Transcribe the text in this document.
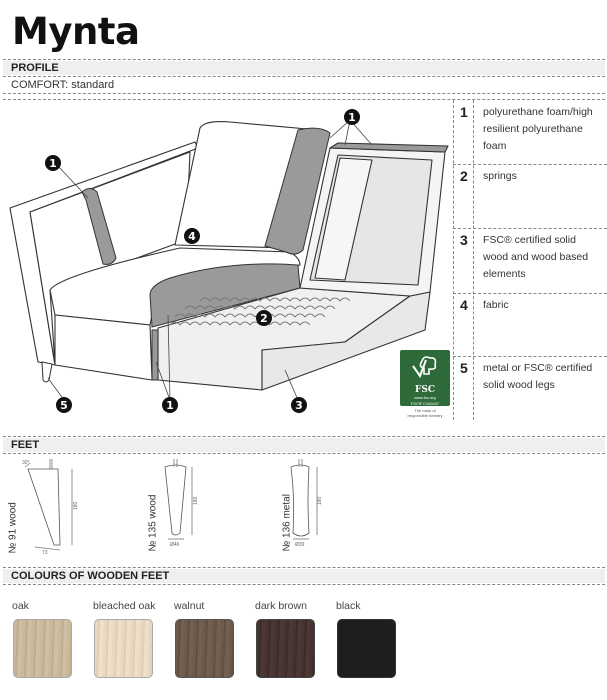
Mynta
PROFILE
COMFORT: standard
1
1
4
2
5	1	3
FSC
www.fsc.org
FSC® C100437
The mark of
responsible forestry
1 polyurethane foam/high resilient polyurethane foam
2 springs
3 FSC® certified solid wood and wood based elements
4 fabric
5 metal or FSC® certified solid wood legs
FEET
30°
180
73
№ 91 wood
180
Ø46
№ 135 wood	180
Ø39
№ 136 metal
COLOURS OF WOODEN FEET
oak	bleached oak walnut	dark brown	black
